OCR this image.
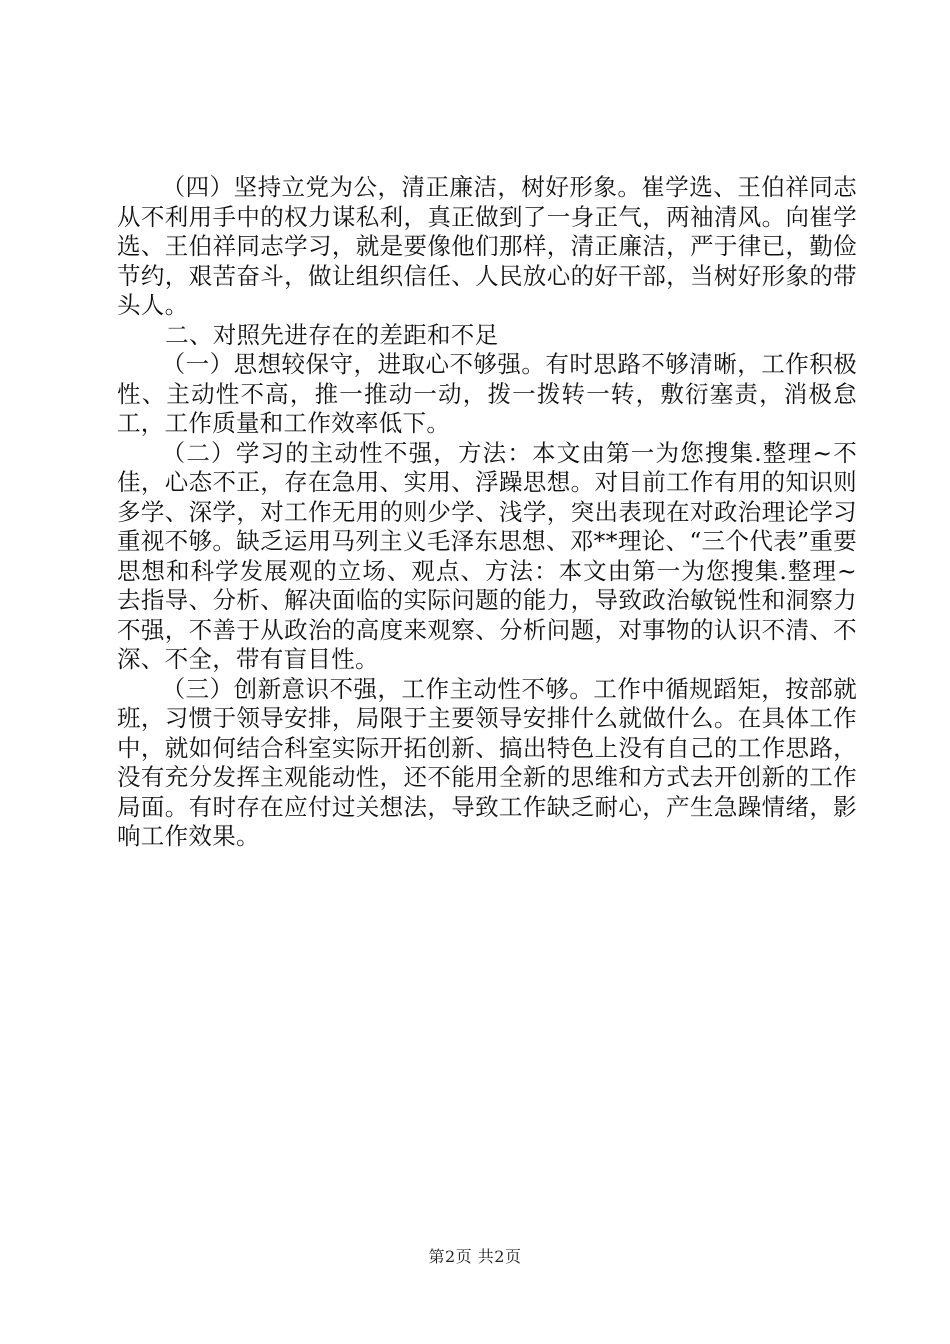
（四）坚持立党为公，清正廉洁，树好形象。崔学选、王伯祥同志从不利用手中的权力谋私利，真正做到了一身正气，两袖清风。向崔学选、王伯祥同志学习，就是要像他们那样，清正廉洁，严于律已，勤俭节约，艰苦奋斗，做让组织信任、人民放心的好干部，当树好形象的带头人。

二、对照先进存在的差距和不足

（一）思想较保守，进取心不够强。有时思路不够清晰，工作积极性、主动性不高，推一推动一动，拨一拨转一转，敷衍塞责，消极怠工，工作质量和工作效率低下。

（二）学习的主动性不强，方法：本文由第一为您搜集.整理~不佳，心态不正，存在急用、实用、浮躁思想。对目前工作有用的知识则多学、深学，对工作无用的则少学、浅学，突出表现在对政治理论学习重视不够。缺乏运用马列主义毛泽东思想、邓**理论、“三个代表”重要思想和科学发展观的立场、观点、方法：本文由第一为您搜集.整理~去指导、分析、解决面临的实际问题的能力，导致政治敏锐性和洞察力不强，不善于从政治的高度来观察、分析问题，对事物的认识不清、不深、不全，带有盲目性。

（三）创新意识不强，工作主动性不够。工作中循规蹈矩，按部就班，习惯于领导安排，局限于主要领导安排什么就做什么。在具体工作中，就如何结合科室实际开拓创新、搞出特色上没有自己的工作思路，没有充分发挥主观能动性，还不能用全新的思维和方式去开创新的工作局面。有时存在应付过关想法，导致工作缺乏耐心，产生急躁情绪，影响工作效果。

第2页 共2页
